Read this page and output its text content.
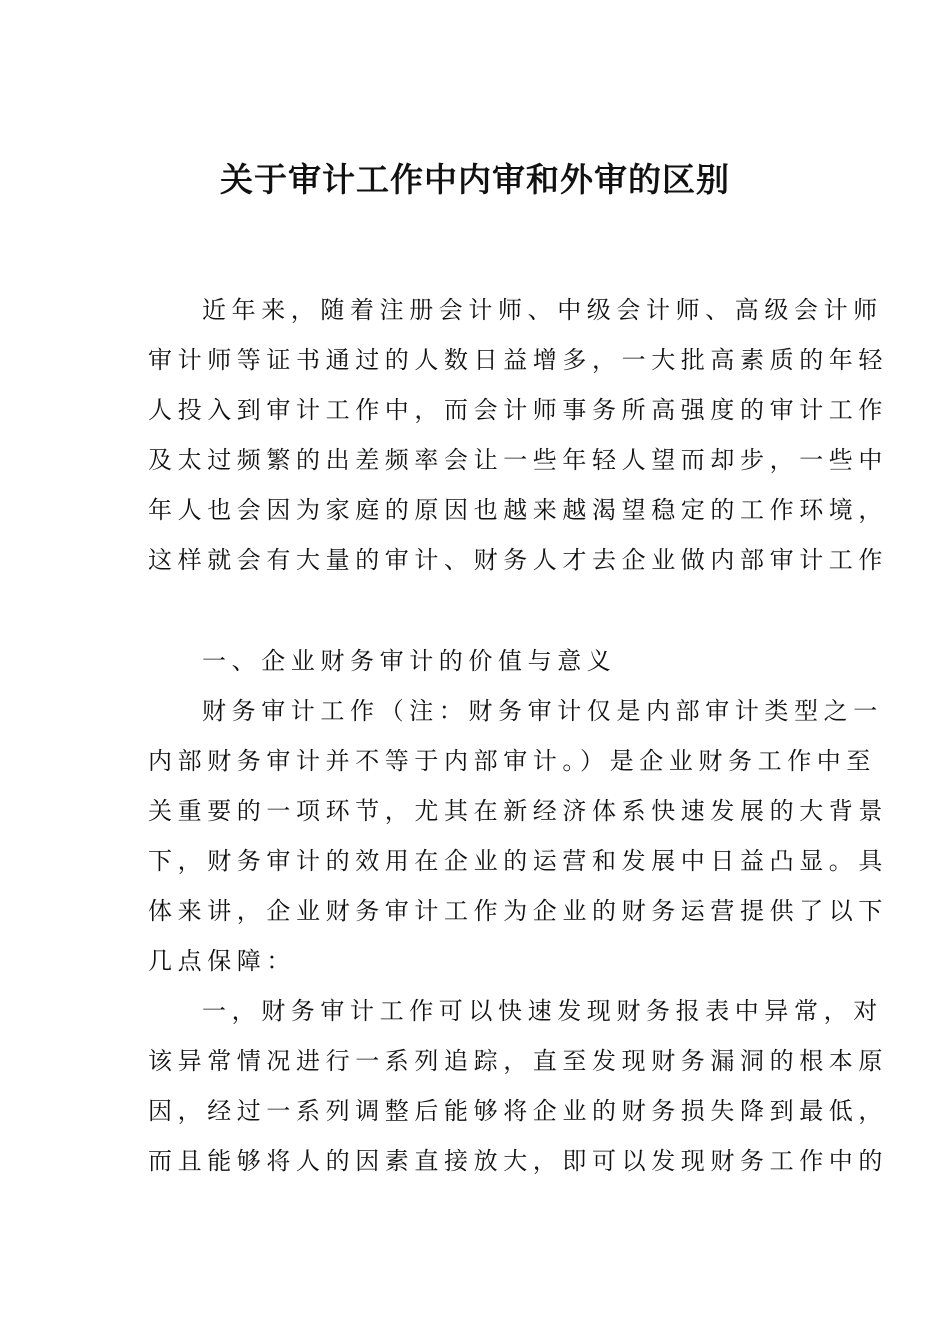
关于审计工作中内审和外审的区别
近年来，随着注册会计师、中级会计师、高级会计师
审计师等证书通过的人数日益增多，一大批高素质的年轻
人投入到审计工作中，而会计师事务所高强度的审计工作
及太过频繁的出差频率会让一些年轻人望而却步，一些中
年人也会因为家庭的原因也越来越渴望稳定的工作环境，
这样就会有大量的审计、财务人才去企业做内部审计工作
一、企业财务审计的价值与意义
财务审计工作（注：财务审计仅是内部审计类型之一
内部财务审计并不等于内部审计。）是企业财务工作中至
关重要的一项环节，尤其在新经济体系快速发展的大背景
下，财务审计的效用在企业的运营和发展中日益凸显。具
体来讲，企业财务审计工作为企业的财务运营提供了以下
几点保障：
一，财务审计工作可以快速发现财务报表中异常，对
该异常情况进行一系列追踪，直至发现财务漏洞的根本原
因，经过一系列调整后能够将企业的财务损失降到最低，
而且能够将人的因素直接放大，即可以发现财务工作中的
